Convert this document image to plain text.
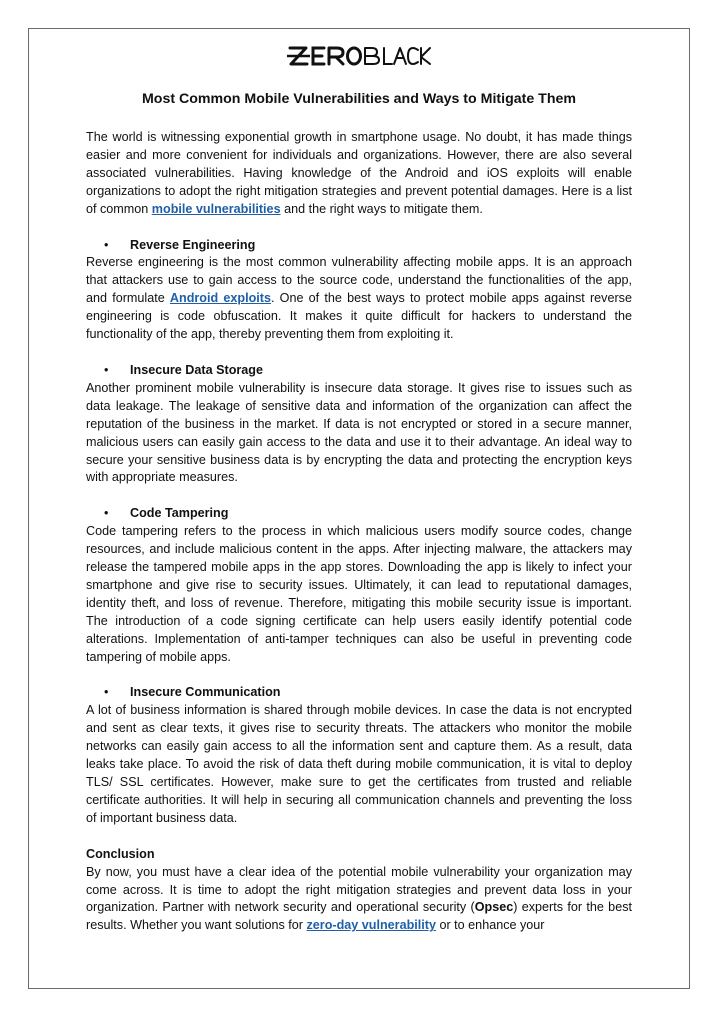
Most Common Mobile Vulnerabilities and Ways to Mitigate Them

The world is witnessing exponential growth in smartphone usage. No doubt, it has made things easier and more convenient for individuals and organizations. However, there are also several associated vulnerabilities. Having knowledge of the Android and iOS exploits will enable organizations to adopt the right mitigation strategies and prevent potential damages. Here is a list of common mobile vulnerabilities and the right ways to mitigate them.

• Reverse Engineering

Reverse engineering is the most common vulnerability affecting mobile apps. It is an approach that attackers use to gain access to the source code, understand the functionalities of the app, and formulate Android exploits. One of the best ways to protect mobile apps against reverse engineering is code obfuscation. It makes it quite difficult for hackers to understand the functionality of the app, thereby preventing them from exploiting it.

• Insecure Data Storage

Another prominent mobile vulnerability is insecure data storage. It gives rise to issues such as data leakage. The leakage of sensitive data and information of the organization can affect the reputation of the business in the market. If data is not encrypted or stored in a secure manner, malicious users can easily gain access to the data and use it to their advantage. An ideal way to secure your sensitive business data is by encrypting the data and protecting the encryption keys with appropriate measures.

• Code Tampering

Code tampering refers to the process in which malicious users modify source codes, change resources, and include malicious content in the apps. After injecting malware, the attackers may release the tampered mobile apps in the app stores. Downloading the app is likely to infect your smartphone and give rise to security issues. Ultimately, it can lead to reputational damages, identity theft, and loss of revenue. Therefore, mitigating this mobile security issue is important. The introduction of a code signing certificate can help users easily identify potential code alterations. Implementation of anti-tamper techniques can also be useful in preventing code tampering of mobile apps.

• Insecure Communication

A lot of business information is shared through mobile devices. In case the data is not encrypted and sent as clear texts, it gives rise to security threats. The attackers who monitor the mobile networks can easily gain access to all the information sent and capture them. As a result, data leaks take place. To avoid the risk of data theft during mobile communication, it is vital to deploy TLS/ SSL certificates. However, make sure to get the certificates from trusted and reliable certificate authorities. It will help in securing all communication channels and preventing the loss of important business data.

Conclusion

By now, you must have a clear idea of the potential mobile vulnerability your organization may come across. It is time to adopt the right mitigation strategies and prevent data loss in your organization. Partner with network security and operational security (Opsec) experts for the best results. Whether you want solutions for zero-day vulnerability or to enhance your
